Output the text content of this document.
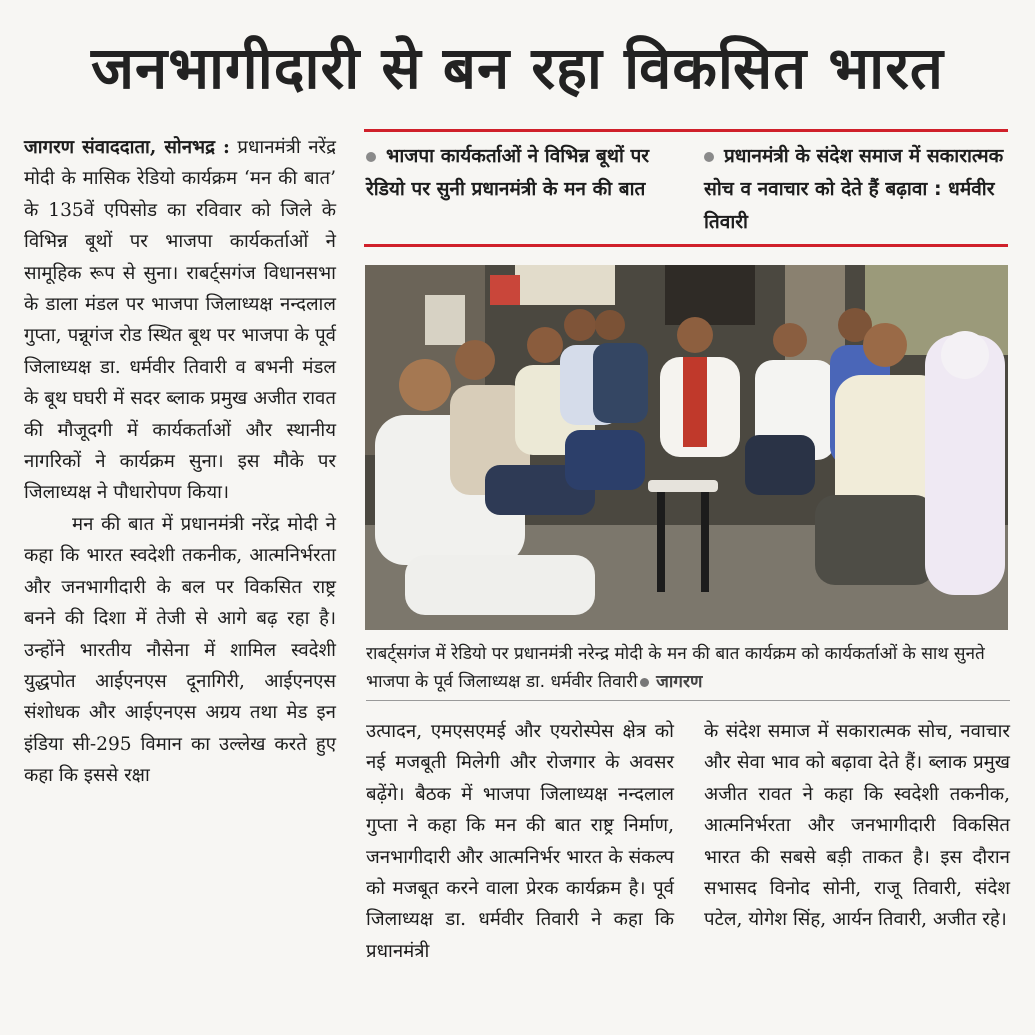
जनभागीदारी से बन रहा विकसित भारत

जागरण संवाददाता, सोनभद्र : प्रधानमंत्री नरेंद्र मोदी के मासिक रेडियो कार्यक्रम ‘मन की बात’ के 135वें एपिसोड का रविवार को जिले के विभिन्न बूथों पर भाजपा कार्यकर्ताओं ने सामूहिक रूप से सुना। राबर्ट्सगंज विधानसभा के डाला मंडल पर भाजपा जिलाध्यक्ष नन्दलाल गुप्ता, पन्नूगंज रोड स्थित बूथ पर भाजपा के पूर्व जिलाध्यक्ष डा. धर्मवीर तिवारी व बभनी मंडल के बूथ घघरी में सदर ब्लाक प्रमुख अजीत रावत की मौजूदगी में कार्यकर्ताओं और स्थानीय नागरिकों ने कार्यक्रम सुना। इस मौके पर जिलाध्यक्ष ने पौधारोपण किया।

मन की बात में प्रधानमंत्री नरेंद्र मोदी ने कहा कि भारत स्वदेशी तकनीक, आत्मनिर्भरता और जनभागीदारी के बल पर विकसित राष्ट्र बनने की दिशा में तेजी से आगे बढ़ रहा है। उन्होंने भारतीय नौसेना में शामिल स्वदेशी युद्धपोत आईएनएस दूनागिरी, आईएनएस संशोधक और आईएनएस अग्रय तथा मेड इन इंडिया सी-295 विमान का उल्लेख करते हुए कहा कि इससे रक्षा

भाजपा कार्यकर्ताओं ने विभिन्न बूथों पर रेडियो पर सुनी प्रधानमंत्री के मन की बात
प्रधानमंत्री के संदेश समाज में सकारात्मक सोच व नवाचार को देते हैं बढ़ावा : धर्मवीर तिवारी
राबर्ट्सगंज में रेडियो पर प्रधानमंत्री नरेन्द्र मोदी के मन की बात कार्यक्रम को कार्यकर्ताओं के साथ सुनते भाजपा के पूर्व जिलाध्यक्ष डा. धर्मवीर तिवारी जागरण
उत्पादन, एमएसएमई और एयरोस्पेस क्षेत्र को नई मजबूती मिलेगी और रोजगार के अवसर बढ़ेंगे। बैठक में भाजपा जिलाध्यक्ष नन्दलाल गुप्ता ने कहा कि मन की बात राष्ट्र निर्माण, जनभागीदारी और आत्मनिर्भर भारत के संकल्प को मजबूत करने वाला प्रेरक कार्यक्रम है। पूर्व जिलाध्यक्ष डा. धर्मवीर तिवारी ने कहा कि प्रधानमंत्री
के संदेश समाज में सकारात्मक सोच, नवाचार और सेवा भाव को बढ़ावा देते हैं। ब्लाक प्रमुख अजीत रावत ने कहा कि स्वदेशी तकनीक, आत्मनिर्भरता और जनभागीदारी विकसित भारत की सबसे बड़ी ताकत है। इस दौरान सभासद विनोद सोनी, राजू तिवारी, संदेश पटेल, योगेश सिंह, आर्यन तिवारी, अजीत रहे।
